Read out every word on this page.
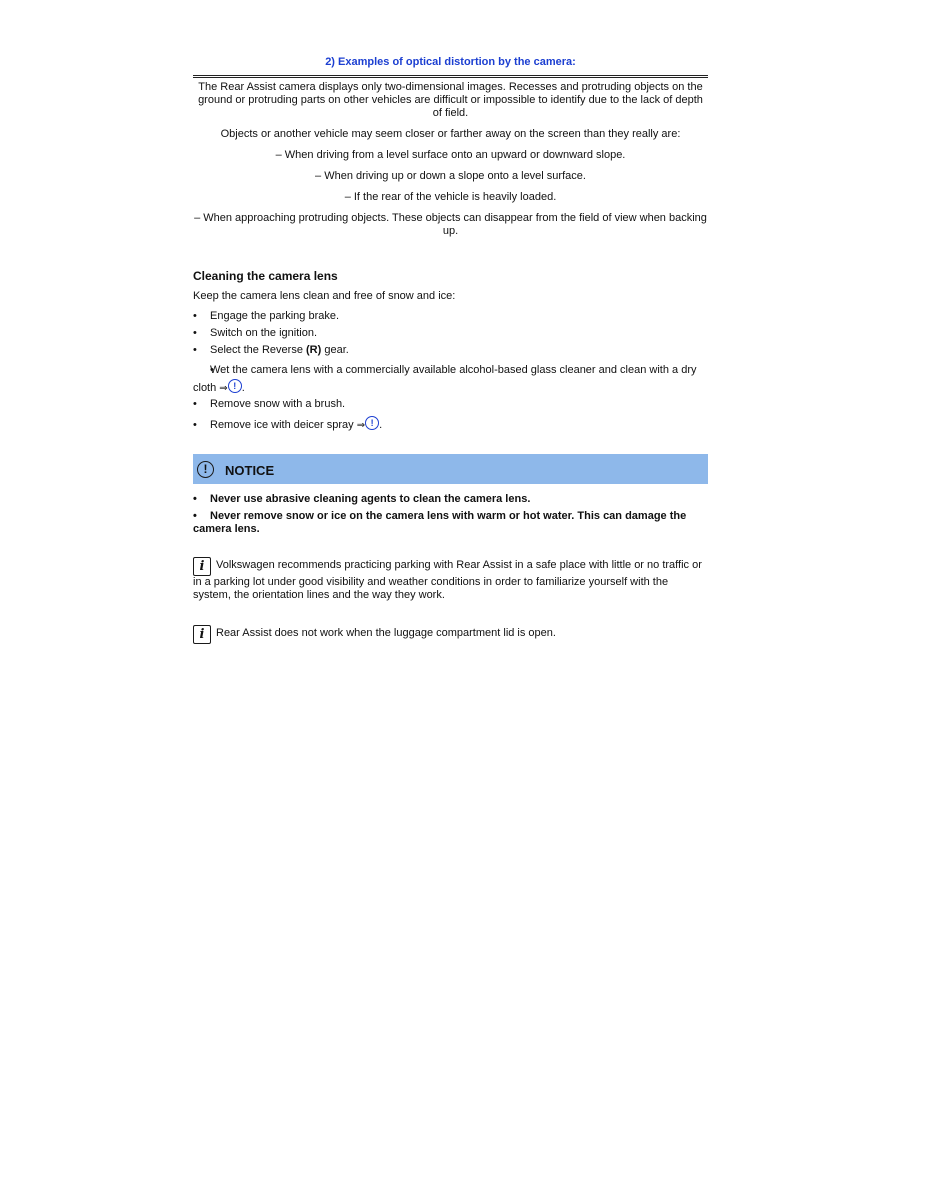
2) Examples of optical distortion by the camera:

The Rear Assist camera displays only two-dimensional images. Recesses and protruding objects on the ground or protruding parts on other vehicles are difficult or impossible to identify due to the lack of depth of field.

Objects or another vehicle may seem closer or farther away on the screen than they really are:

– When driving from a level surface onto an upward or downward slope.

– When driving up or down a slope onto a level surface.

– If the rear of the vehicle is heavily loaded.

– When approaching protruding objects. These objects can disappear from the field of view when backing up.

Cleaning the camera lens

Keep the camera lens clean and free of snow and ice:

• Engage the parking brake.
• Switch on the ignition.
• Select the Reverse (R) gear.
• Wet the camera lens with a commercially available alcohol-based glass cleaner and clean with a dry cloth ⇒ ! .
• Remove snow with a brush.
• Remove ice with deicer spray ⇒ ! .
!	NOTICE
• Never use abrasive cleaning agents to clean the camera lens.
• Never remove snow or ice on the camera lens with warm or hot water. This can damage the camera lens.
i Volkswagen recommends practicing parking with Rear Assist in a safe place with little or no traffic or in a parking lot under good visibility and weather conditions in order to familiarize yourself with the system, the orientation lines and the way they work.
i Rear Assist does not work when the luggage compartment lid is open.
